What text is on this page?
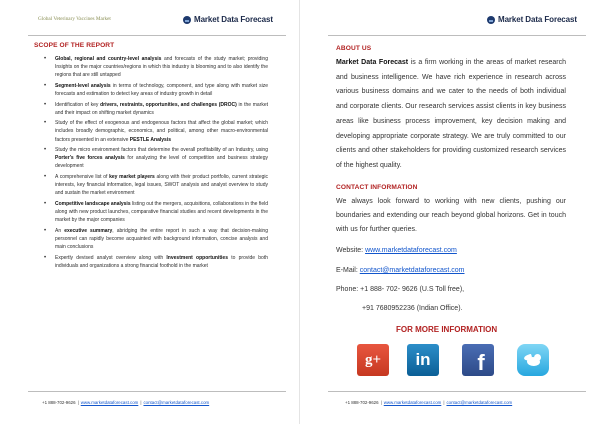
Global Veterinary Vaccines Market	Market Data Forecast
SCOPE OF THE REPORT
• Global, regional and country-level analysis and forecasts of the study market; providing Insights on the major countries/regions in which this industry is blooming and to also identify the regions that are still untapped
• Segment-level analysis in terms of technology, component, and type along with market size forecasts and estimation to detect key areas of industry growth in detail
• Identification of key drivers, restraints, opportunities, and challenges (DROC) in the market and their impact on shifting market dynamics
• Study of the effect of exogenous and endogenous factors that affect the global market; which includes broadly demographic, economics, and political, among other macro-environmental factors presented in an extensive PESTLE Analysis
• Study the micro environment factors that determine the overall profitability of an Industry, using Porter's five forces analysis for analyzing the level of competition and business strategy development
• A comprehensive list of key market players along with their product portfolio, current strategic interests, key financial information, legal issues, SWOT analysis and analyst overview to study and sustain the market environment
• Competitive landscape analysis listing out the mergers, acquisitions, collaborations in the field along with new product launches, comparative financial studies and recent developments in the market by the major companies
• An executive summary, abridging the entire report in such a way that decision-making personnel can rapidly become acquainted with background information, concise analysis and main conclusions
• Expertly devised analyst overview along with Investment opportunities to provide both individuals and organizations a strong financial foothold in the market
+1 888-702-9626 | www.marketdataforecast.com | contact@marketdataforecast.com
Market Data Forecast
+1 888-702-9626 | www.marketdataforecast.com | contact@marketdataforecast.com
ABOUT US
Market Data Forecast is a firm working in the areas of market research and business intelligence. We have rich experience in research across various business domains and we cater to the needs of both individual and corporate clients. Our research services assist clients in key business areas like business process improvement, key decision making and developing appropriate corporate strategy. We are truly committed to our clients and other stakeholders for providing customized research services of the highest quality.
CONTACT INFORMATION
We always look forward to working with new clients, pushing our boundaries and extending our reach beyond global horizons. Get in touch with us for further queries.
Website: www.marketdataforecast.com
E-Mail: contact@marketdataforecast.com
Phone: +1 888- 702- 9626 (U.S Toll free),
+91 7680952236 (Indian Office).
FOR MORE INFORMATION
g+ in f
